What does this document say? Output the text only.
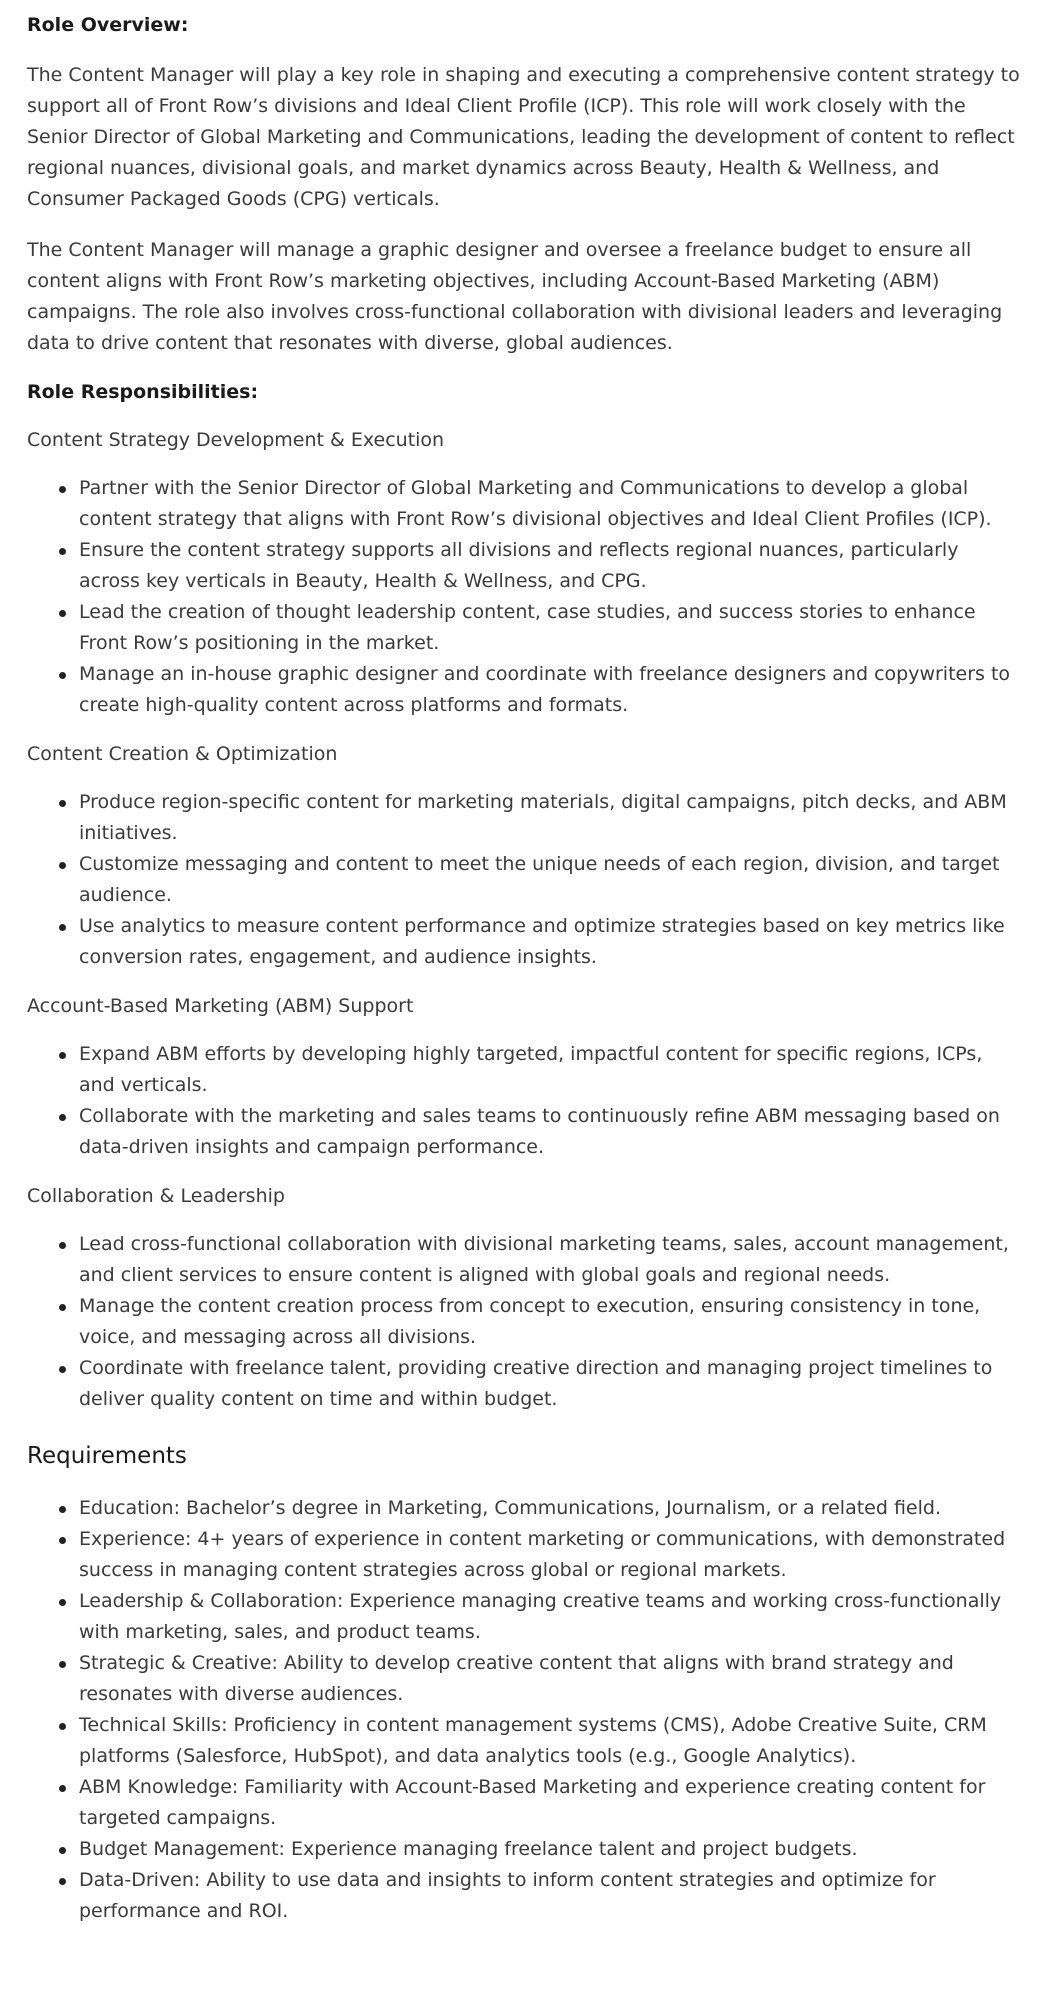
Role Overview:

The Content Manager will play a key role in shaping and executing a comprehensive content strategy to support all of Front Row’s divisions and Ideal Client Profile (ICP). This role will work closely with the Senior Director of Global Marketing and Communications, leading the development of content to reflect regional nuances, divisional goals, and market dynamics across Beauty, Health & Wellness, and Consumer Packaged Goods (CPG) verticals.

The Content Manager will manage a graphic designer and oversee a freelance budget to ensure all content aligns with Front Row’s marketing objectives, including Account-Based Marketing (ABM) campaigns. The role also involves cross-functional collaboration with divisional leaders and leveraging data to drive content that resonates with diverse, global audiences.

Role Responsibilities:
Content Strategy Development & Execution
Partner with the Senior Director of Global Marketing and Communications to develop a global content strategy that aligns with Front Row’s divisional objectives and Ideal Client Profiles (ICP).
Ensure the content strategy supports all divisions and reflects regional nuances, particularly across key verticals in Beauty, Health & Wellness, and CPG.
Lead the creation of thought leadership content, case studies, and success stories to enhance Front Row’s positioning in the market.
Manage an in-house graphic designer and coordinate with freelance designers and copywriters to create high-quality content across platforms and formats.
Content Creation & Optimization
Produce region-specific content for marketing materials, digital campaigns, pitch decks, and ABM initiatives.
Customize messaging and content to meet the unique needs of each region, division, and target audience.
Use analytics to measure content performance and optimize strategies based on key metrics like conversion rates, engagement, and audience insights.
Account-Based Marketing (ABM) Support
Expand ABM efforts by developing highly targeted, impactful content for specific regions, ICPs, and verticals.
Collaborate with the marketing and sales teams to continuously refine ABM messaging based on data-driven insights and campaign performance.
Collaboration & Leadership
Lead cross-functional collaboration with divisional marketing teams, sales, account management, and client services to ensure content is aligned with global goals and regional needs.
Manage the content creation process from concept to execution, ensuring consistency in tone, voice, and messaging across all divisions.
Coordinate with freelance talent, providing creative direction and managing project timelines to deliver quality content on time and within budget.
Requirements
Education: Bachelor’s degree in Marketing, Communications, Journalism, or a related field.
Experience: 4+ years of experience in content marketing or communications, with demonstrated success in managing content strategies across global or regional markets.
Leadership & Collaboration: Experience managing creative teams and working cross-functionally with marketing, sales, and product teams.
Strategic & Creative: Ability to develop creative content that aligns with brand strategy and resonates with diverse audiences.
Technical Skills: Proficiency in content management systems (CMS), Adobe Creative Suite, CRM platforms (Salesforce, HubSpot), and data analytics tools (e.g., Google Analytics).
ABM Knowledge: Familiarity with Account-Based Marketing and experience creating content for targeted campaigns.
Budget Management: Experience managing freelance talent and project budgets.
Data-Driven: Ability to use data and insights to inform content strategies and optimize for performance and ROI.
